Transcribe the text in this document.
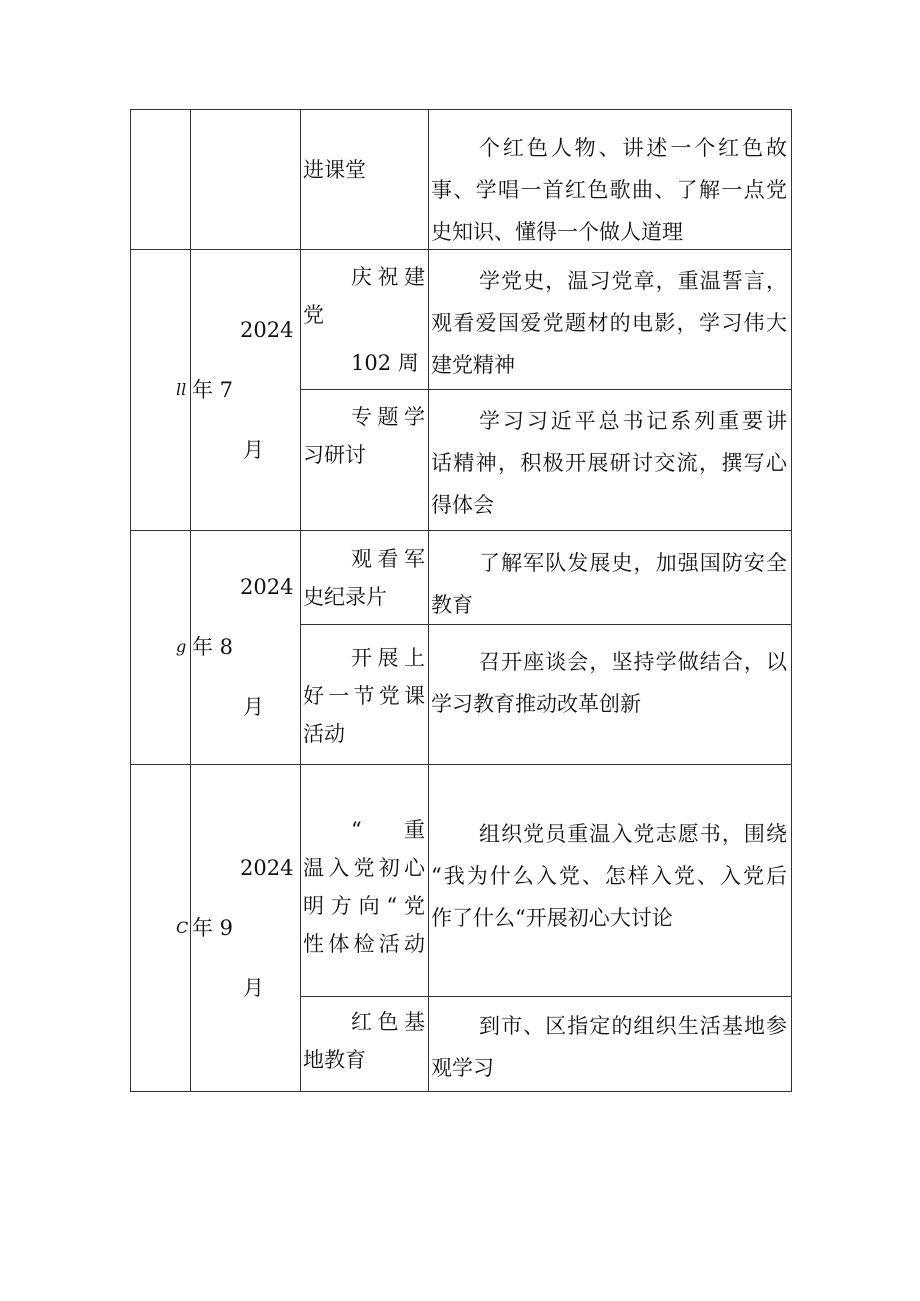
进课堂
个红色人物、讲述一个红色故
事、学唱一首红色歌曲、了解一点党
史知识、懂得一个做人道理
ll
2024
年 7
月
庆祝建
党
102 周
学党史，温习党章，重温誓言，
观看爱国爱党题材的电影，学习伟大
建党精神
专题学
习研讨
学习习近平总书记系列重要讲
话精神，积极开展研讨交流，撰写心
得体会
g
2024
年 8
月
观看军
史纪录片
了解军队发展史，加强国防安全
教育
开展上
好一节党课
活动
召开座谈会，坚持学做结合，以
学习教育推动改革创新
C
2024
年 9
月
“ 重
温入党初心
明方向“党
性体检活动
组织党员重温入党志愿书，围绕
“我为什么入党、怎样入党、入党后
作了什么“开展初心大讨论
红色基
地教育
到市、区指定的组织生活基地参
观学习
